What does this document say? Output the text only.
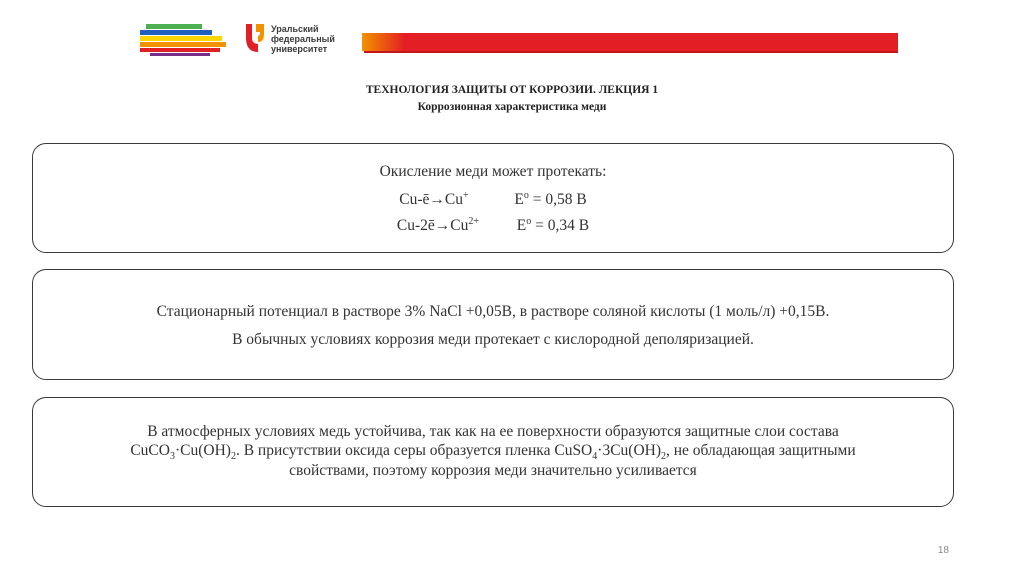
Уральский
федеральный
университет
ТЕХНОЛОГИЯ ЗАЩИТЫ ОТ КОРРОЗИИ. ЛЕКЦИЯ 1
Коррозионная характеристика меди
Окисление меди может протекать:
Cu-ē→Cu+	$E^o = 0,58$ В
$Cu-2ē\to Cu^{2+}$ $E^o = 0,34$ В
Стационарный потенциал в растворе 3% NaCl +0,05В, в растворе соляной кислоты (1 моль/л) +0,15В.
В обычных условиях коррозия меди протекает с кислородной деполяризацией.
В атмосферных условиях медь устойчива, так как на ее поверхности образуются защитные слои состава
$CuCO_3\cdot Cu(OH)_2$. В присутствии оксида серы образуется пленка $CuSO_4\cdot 3Cu(OH)_2$, не обладающая защитными
свойствами, поэтому коррозия меди значительно усиливается
18
